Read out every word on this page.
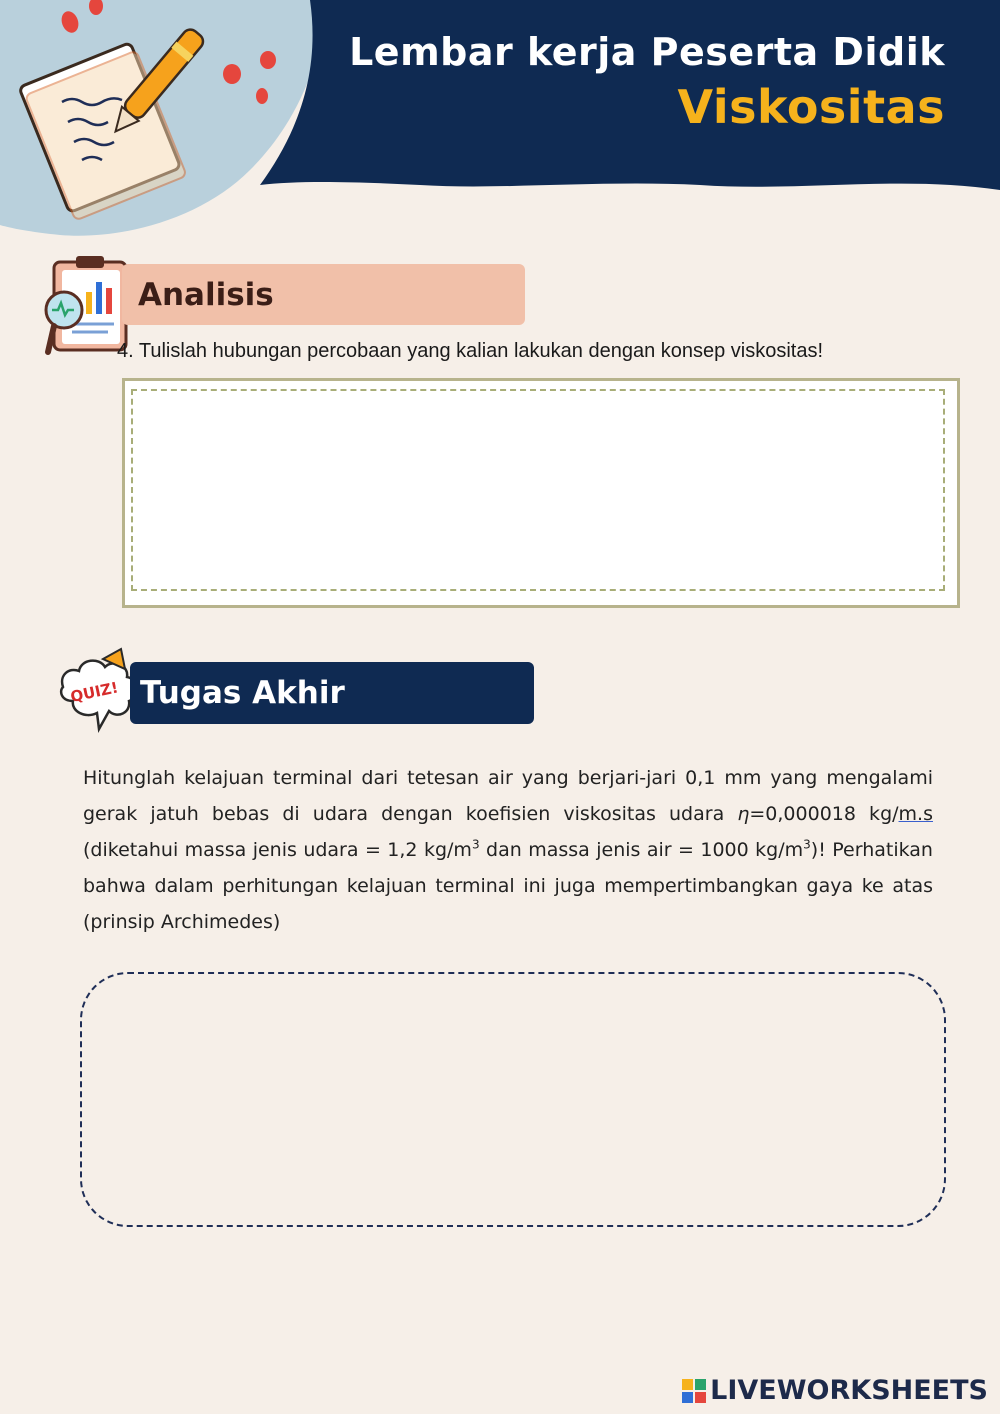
Lembar kerja Peserta Didik
Viskositas
Analisis
4. Tulislah hubungan percobaan yang kalian lakukan dengan konsep viskositas!
QUIZ! Tugas Akhir
Hitunglah kelajuan terminal dari tetesan air yang berjari-jari 0,1 mm yang mengalami gerak jatuh bebas di udara dengan koefisien viskositas udara η=0,000018 kg/m.s (diketahui massa jenis udara = 1,2 $kg/m^3$ dan massa jenis air = 1000 $kg/m^3$)! Perhatikan bahwa dalam perhitungan kelajuan terminal ini juga mempertimbangkan gaya ke atas (prinsip Archimedes)
LIVEWORKSHEETS
